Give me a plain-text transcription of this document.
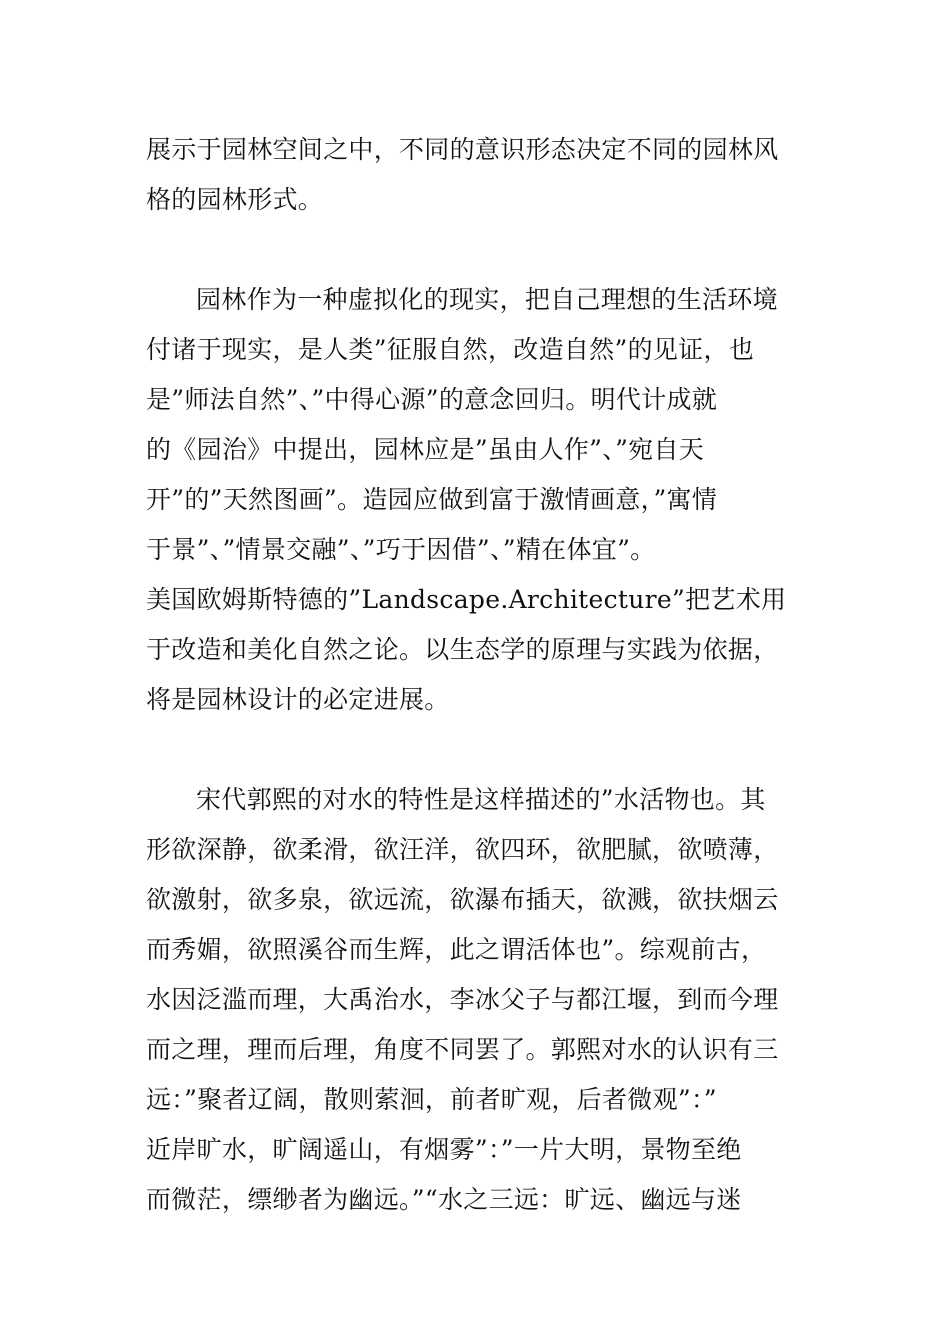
展示于园林空间之中，不同的意识形态决定不同的园林风
格的园林形式。
园林作为一种虚拟化的现实，把自己理想的生活环境
付诸于现实，是人类”征服自然，改造自然”的见证，也
是”师法自然”、”中得心源”的意念回归。明代计成就
的《园治》中提出，园林应是”虽由人作”、”宛自天
开”的”天然图画”。造园应做到富于激情画意，”寓情
于景”、”情景交融”、”巧于因借”、”精在体宜”。
美国欧姆斯特德的”Landscape.Architecture”把艺术用
于改造和美化自然之论。以生态学的原理与实践为依据，
将是园林设计的必定进展。
宋代郭熙的对水的特性是这样描述的”水活物也。其
形欲深静，欲柔滑，欲汪洋，欲四环，欲肥腻，欲喷薄，
欲激射，欲多泉，欲远流，欲瀑布插天，欲溅，欲扶烟云
而秀媚，欲照溪谷而生辉，此之谓活体也”。综观前古，
水因泛滥而理，大禹治水，李冰父子与都江堰，到而今理
而之理，理而后理，角度不同罢了。郭熙对水的认识有三
远：”聚者辽阔，散则萦洄，前者旷观，后者微观”：”
近岸旷水，旷阔遥山，有烟雾”：”一片大明，景物至绝
而微茫，缥缈者为幽远。”“水之三远：旷远、幽远与迷
